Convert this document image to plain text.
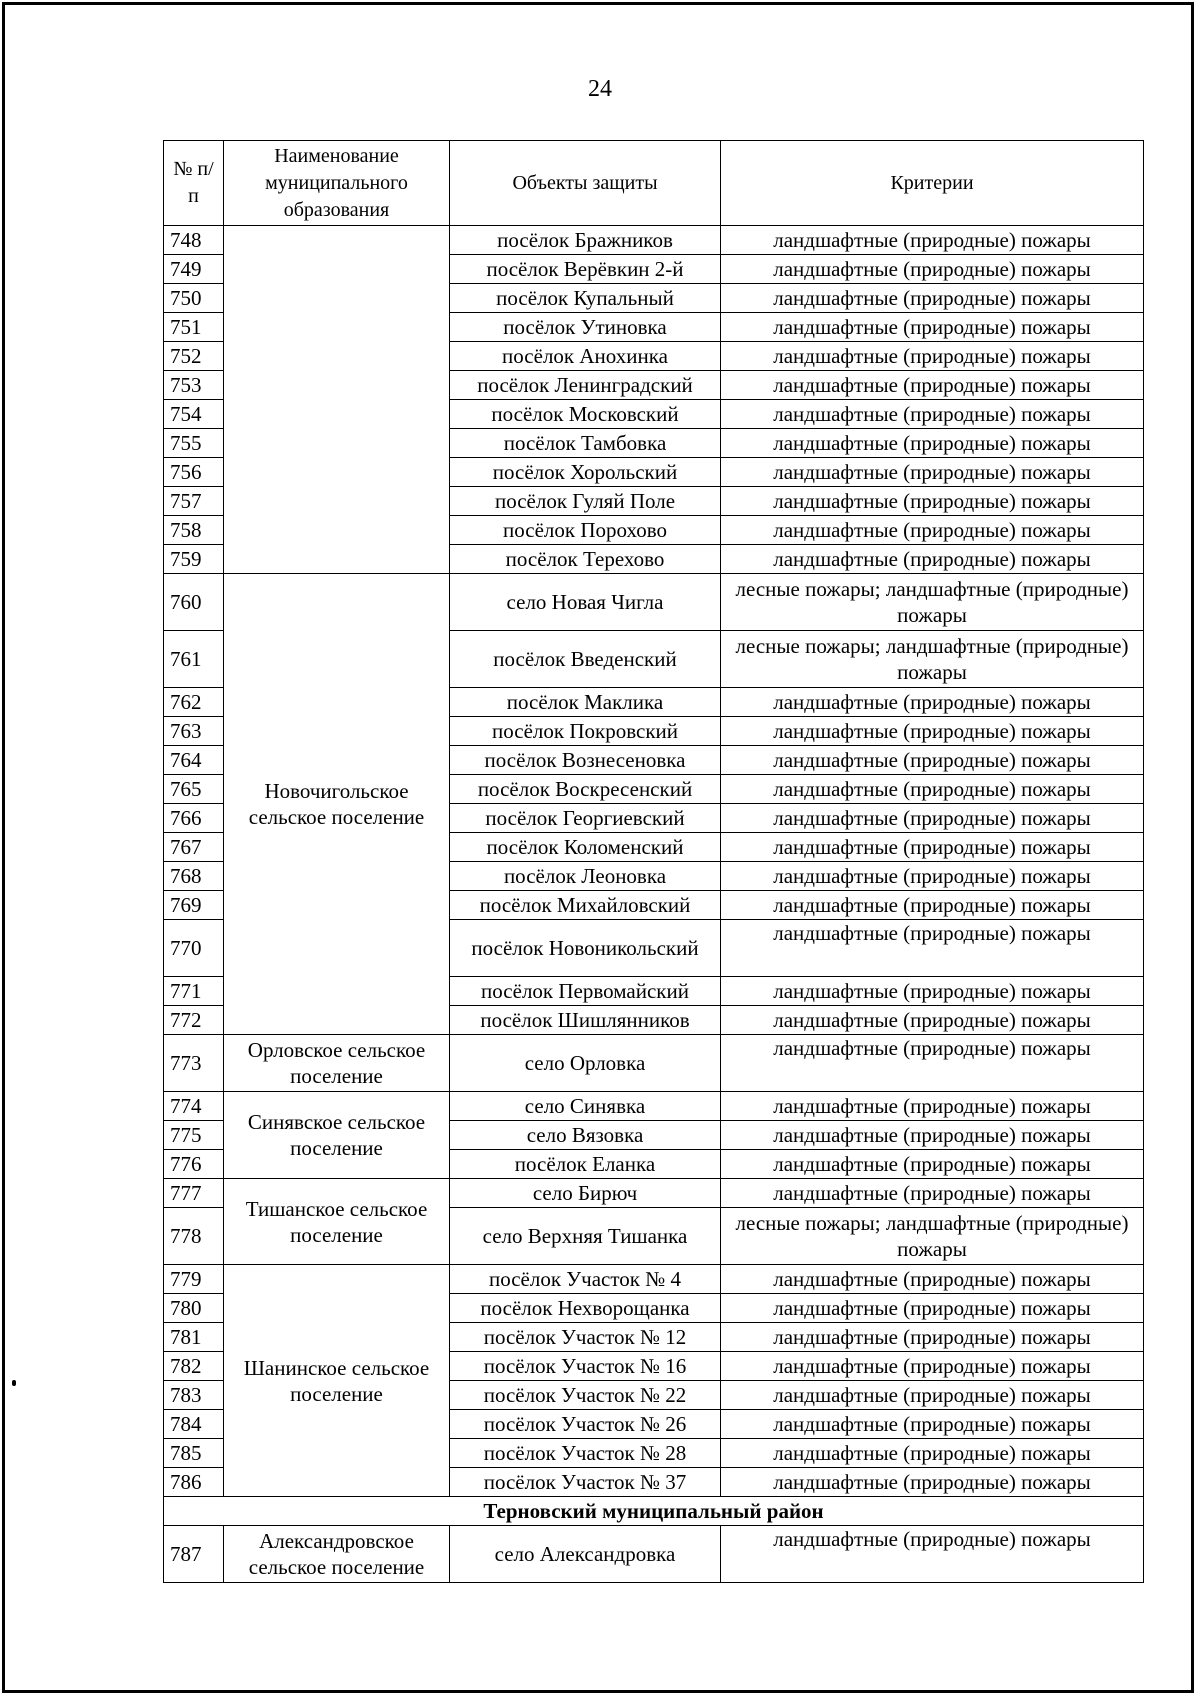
24
№ п/п	Наименование муниципального образования	Объекты защиты	Критерии
748		посёлок Бражников	ландшафтные (природные) пожары
749		посёлок Верёвкин 2-й	ландшафтные (природные) пожары
750		посёлок Купальный	ландшафтные (природные) пожары
751		посёлок Утиновка	ландшафтные (природные) пожары
752		посёлок Анохинка	ландшафтные (природные) пожары
753		посёлок Ленинградский	ландшафтные (природные) пожары
754		посёлок Московский	ландшафтные (природные) пожары
755		посёлок Тамбовка	ландшафтные (природные) пожары
756		посёлок Хорольский	ландшафтные (природные) пожары
757		посёлок Гуляй Поле	ландшафтные (природные) пожары
758		посёлок Порохово	ландшафтные (природные) пожары
759		посёлок Терехово	ландшафтные (природные) пожары
760	Новочигольское сельское поселение	село Новая Чигла	лесные пожары; ландшафтные (природные) пожары
761		посёлок Введенский	лесные пожары; ландшафтные (природные) пожары
762		посёлок Маклика	ландшафтные (природные) пожары
763		посёлок Покровский	ландшафтные (природные) пожары
764		посёлок Вознесеновка	ландшафтные (природные) пожары
765		посёлок Воскресенский	ландшафтные (природные) пожары
766		посёлок Георгиевский	ландшафтные (природные) пожары
767		посёлок Коломенский	ландшафтные (природные) пожары
768		посёлок Леоновка	ландшафтные (природные) пожары
769		посёлок Михайловский	ландшафтные (природные) пожары
770		посёлок Новоникольский	ландшафтные (природные) пожары
771		посёлок Первомайский	ландшафтные (природные) пожары
772		посёлок Шишлянников	ландшафтные (природные) пожары
773	Орловское сельское поселение	село Орловка	ландшафтные (природные) пожары
774	Синявское сельское поселение	село Синявка	ландшафтные (природные) пожары
775		село Вязовка	ландшафтные (природные) пожары
776		посёлок Еланка	ландшафтные (природные) пожары
777	Тишанское сельское поселение	село Бирюч	ландшафтные (природные) пожары
778		село Верхняя Тишанка	лесные пожары; ландшафтные (природные) пожары
779	Шанинское сельское поселение	посёлок Участок № 4	ландшафтные (природные) пожары
780		посёлок Нехворощанка	ландшафтные (природные) пожары
781		посёлок Участок № 12	ландшафтные (природные) пожары
782		посёлок Участок № 16	ландшафтные (природные) пожары
783		посёлок Участок № 22	ландшафтные (природные) пожары
784		посёлок Участок № 26	ландшафтные (природные) пожары
785		посёлок Участок № 28	ландшафтные (природные) пожары
786		посёлок Участок № 37	ландшафтные (природные) пожары
Терновский муниципальный район			
787	Александровское сельское поселение	село Александровка	ландшафтные (природные) пожары
